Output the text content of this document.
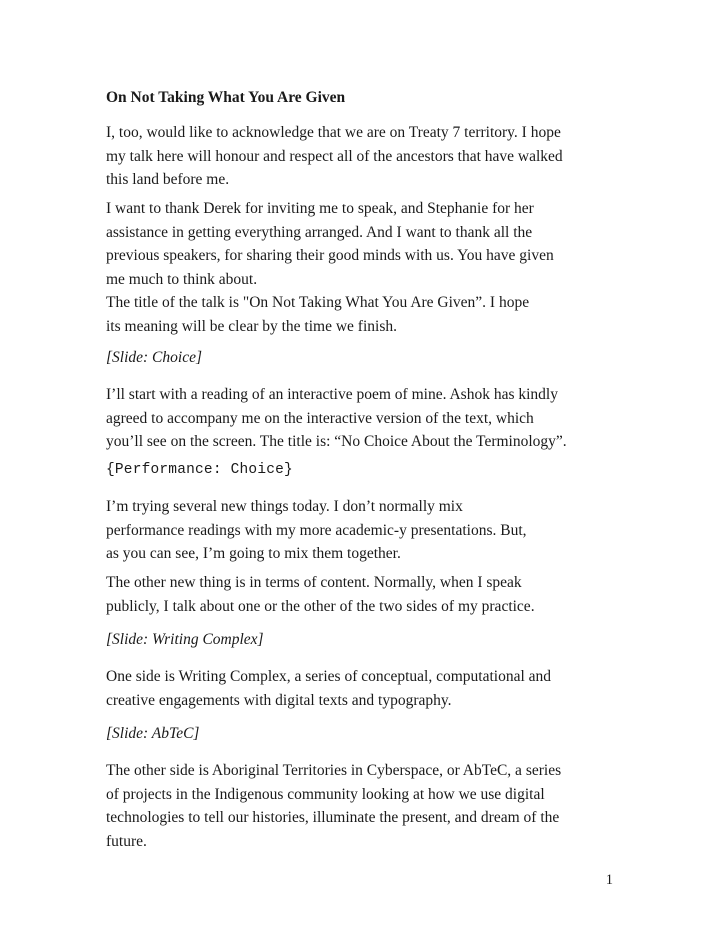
On Not Taking What You Are Given

I, too, would like to acknowledge that we are on Treaty 7 territory. I hope
my talk here will honour and respect all of the ancestors that have walked
this land before me.

I want to thank Derek for inviting me to speak, and Stephanie for her
assistance in getting everything arranged. And I want to thank all the
previous speakers, for sharing their good minds with us. You have given
me much to think about.

The title of the talk is "On Not Taking What You Are Given”. I hope
its meaning will be clear by the time we finish.

[Slide: Choice]

I’ll start with a reading of an interactive poem of mine. Ashok has kindly
agreed to accompany me on the interactive version of the text, which
you’ll see on the screen. The title is: “No Choice About the Terminology”.

{Performance: Choice}

I’m trying several new things today. I don’t normally mix
performance readings with my more academic-y presentations. But,
as you can see, I’m going to mix them together.

The other new thing is in terms of content. Normally, when I speak
publicly, I talk about one or the other of the two sides of my practice.

[Slide: Writing Complex]

One side is Writing Complex, a series of conceptual, computational and
creative engagements with digital texts and typography.

[Slide: AbTeC]

The other side is Aboriginal Territories in Cyberspace, or AbTeC, a series
of projects in the Indigenous community looking at how we use digital
technologies to tell our histories, illuminate the present, and dream of the
future.

1
